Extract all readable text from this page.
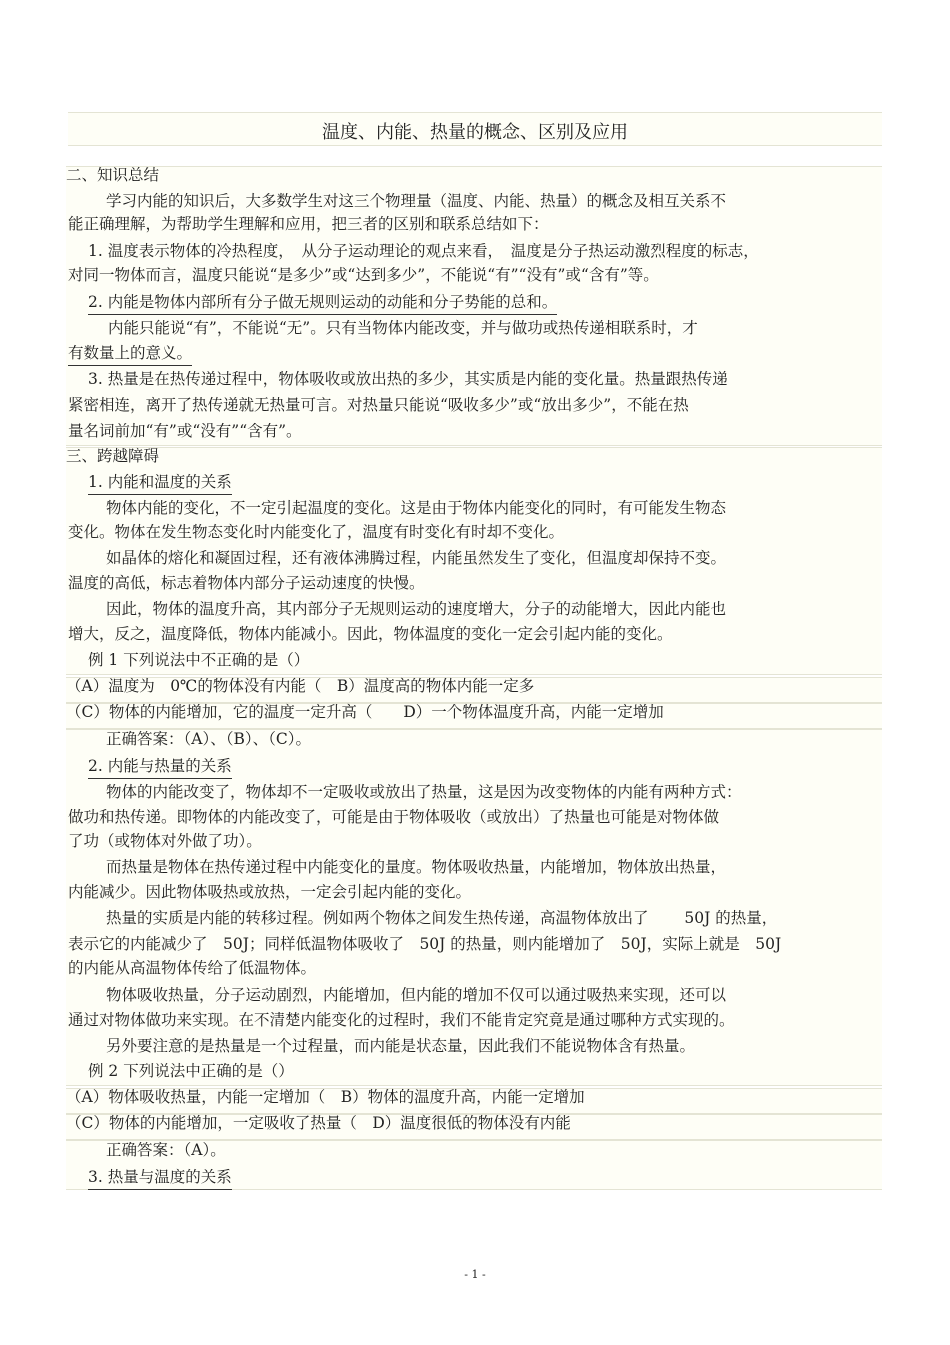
温度、内能、热量的概念、区别及应用
二、知识总结
学习内能的知识后，大多数学生对这三个物理量（温度、内能、热量）的概念及相互关系不
能正确理解，为帮助学生理解和应用，把三者的区别和联系总结如下：
1. 温度表示物体的冷热程度，　从分子运动理论的观点来看，　温度是分子热运动激烈程度的标志，
对同一物体而言，温度只能说“是多少”或“达到多少”，不能说“有”“没有”或“含有”等。
2. 内能是物体内部所有分子做无规则运动的动能和分子势能的总和。
内能只能说“有”，不能说“无”。只有当物体内能改变，并与做功或热传递相联系时，才
有数量上的意义。
3. 热量是在热传递过程中，物体吸收或放出热的多少，其实质是内能的变化量。热量跟热传递
紧密相连，离开了热传递就无热量可言。对热量只能说“吸收多少”或“放出多少”，不能在热
量名词前加“有”或“没有”“含有”。
三、跨越障碍
1. 内能和温度的关系
物体内能的变化，不一定引起温度的变化。这是由于物体内能变化的同时，有可能发生物态
变化。物体在发生物态变化时内能变化了，温度有时变化有时却不变化。
如晶体的熔化和凝固过程，还有液体沸腾过程，内能虽然发生了变化，但温度却保持不变。
温度的高低，标志着物体内部分子运动速度的快慢。
因此，物体的温度升高，其内部分子无规则运动的速度增大，分子的动能增大，因此内能也
增大，反之，温度降低，物体内能减小。因此，物体温度的变化一定会引起内能的变化。
例 1 下列说法中不正确的是（）
（A）温度为　0℃的物体没有内能（　B）温度高的物体内能一定多
（C）物体的内能增加，它的温度一定升高（　　D）一个物体温度升高，内能一定增加
正确答案：（A）、（B）、（C）。
2. 内能与热量的关系
物体的内能改变了，物体却不一定吸收或放出了热量，这是因为改变物体的内能有两种方式：
做功和热传递。即物体的内能改变了，可能是由于物体吸收（或放出）了热量也可能是对物体做
了功（或物体对外做了功）。
而热量是物体在热传递过程中内能变化的量度。物体吸收热量，内能增加，物体放出热量，
内能减少。因此物体吸热或放热，一定会引起内能的变化。
热量的实质是内能的转移过程。例如两个物体之间发生热传递，高温物体放出了　　 50J 的热量，
表示它的内能减少了　50J；同样低温物体吸收了　50J 的热量，则内能增加了　50J，实际上就是　50J
的内能从高温物体传给了低温物体。
物体吸收热量，分子运动剧烈，内能增加，但内能的增加不仅可以通过吸热来实现，还可以
通过对物体做功来实现。在不清楚内能变化的过程时，我们不能肯定究竟是通过哪种方式实现的。
另外要注意的是热量是一个过程量，而内能是状态量，因此我们不能说物体含有热量。
例 2 下列说法中正确的是（）
（A）物体吸收热量，内能一定增加（　B）物体的温度升高，内能一定增加
（C）物体的内能增加，一定吸收了热量（　D）温度很低的物体没有内能
正确答案：（A）。
3. 热量与温度的关系
- 1 -
